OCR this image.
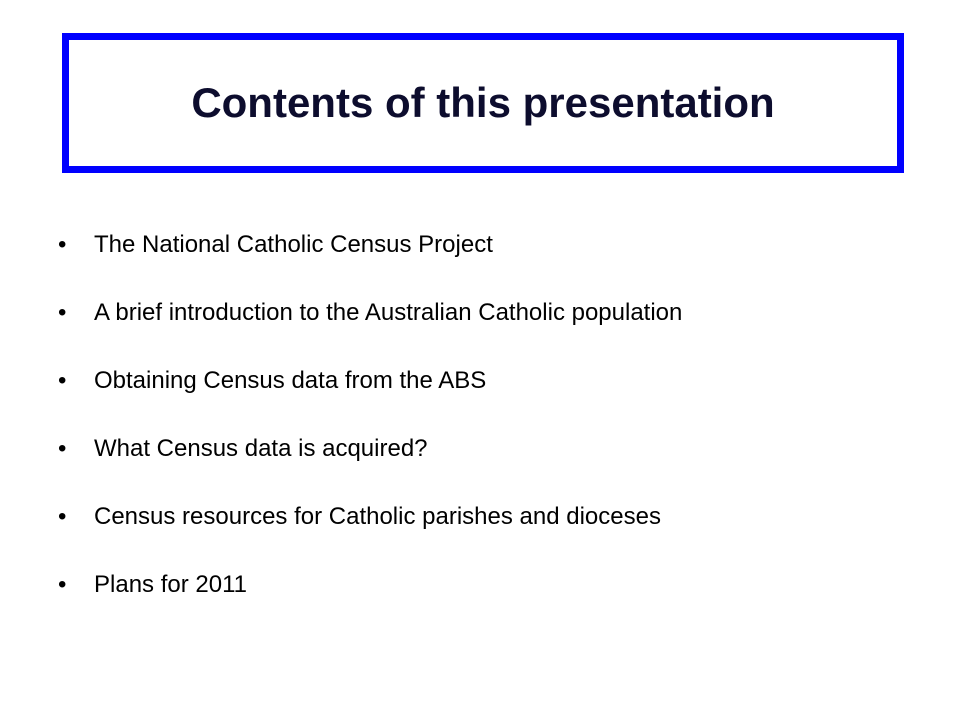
Contents of this presentation
•	The National Catholic Census Project
•	A brief introduction to the Australian Catholic population
•	Obtaining Census data from the ABS
•	What Census data is acquired?
•	Census resources for Catholic parishes and dioceses
•	Plans for 2011
